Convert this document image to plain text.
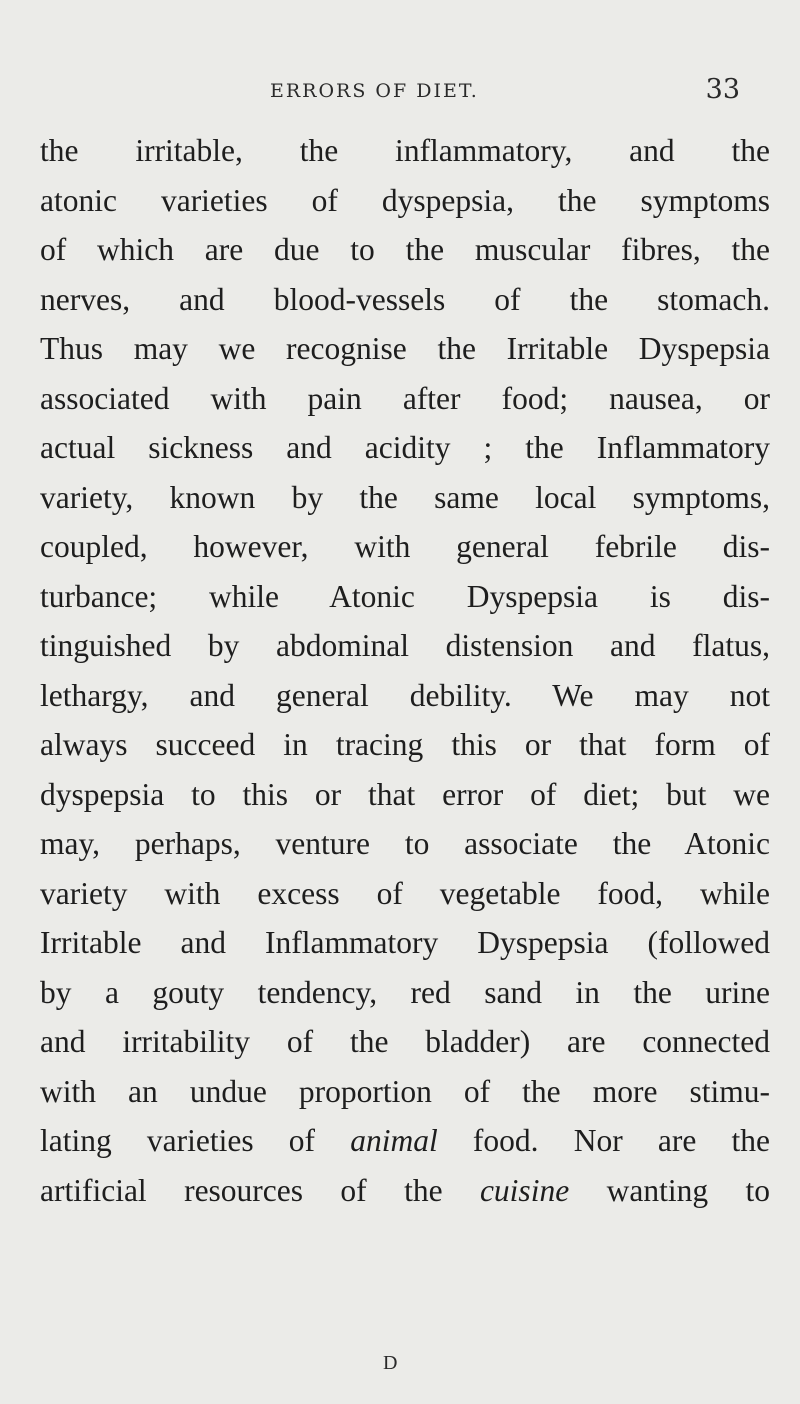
ERRORS OF DIET.	33
the irritable, the inflammatory, and the
atonic varieties of dyspepsia, the symptoms
of which are due to the muscular fibres, the
nerves, and blood-vessels of the stomach.
Thus may we recognise the Irritable Dyspepsia
associated with pain after food; nausea, or
actual sickness and acidity ; the Inflammatory
variety, known by the same local symptoms,
coupled, however, with general febrile dis-
turbance; while Atonic Dyspepsia is dis-
tinguished by abdominal distension and flatus,
lethargy, and general debility. We may not
always succeed in tracing this or that form of
dyspepsia to this or that error of diet; but we
may, perhaps, venture to associate the Atonic
variety with excess of vegetable food, while
Irritable and Inflammatory Dyspepsia (followed
by a gouty tendency, red sand in the urine
and irritability of the bladder) are connected
with an undue proportion of the more stimu-
lating varieties of animal food. Nor are the
artificial resources of the cuisine wanting to
D
